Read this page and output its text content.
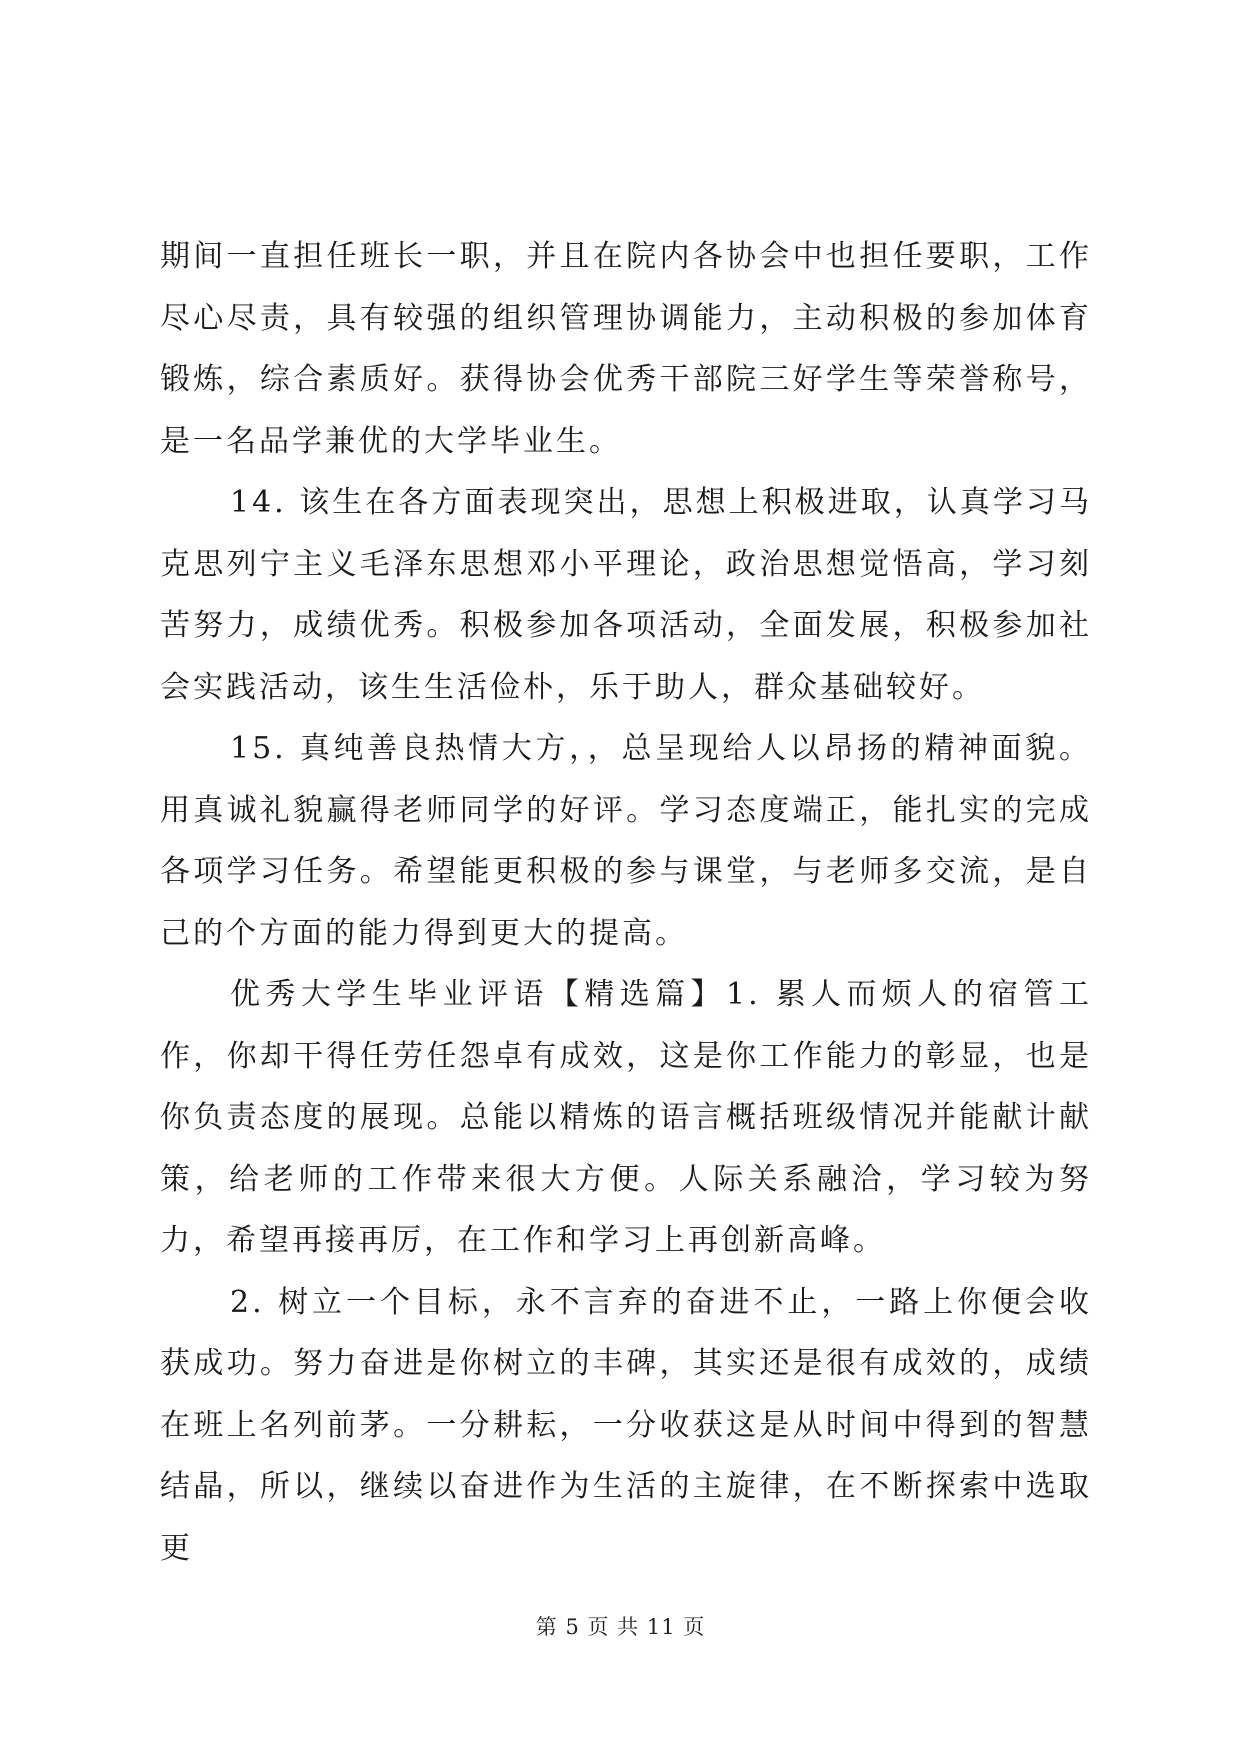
期间一直担任班长一职，并且在院内各协会中也担任要职，工作尽心尽责，具有较强的组织管理协调能力，主动积极的参加体育锻炼，综合素质好。获得协会优秀干部院三好学生等荣誉称号，是一名品学兼优的大学毕业生。

14. 该生在各方面表现突出，思想上积极进取，认真学习马克思列宁主义毛泽东思想邓小平理论，政治思想觉悟高，学习刻苦努力，成绩优秀。积极参加各项活动，全面发展，积极参加社会实践活动，该生生活俭朴，乐于助人，群众基础较好。

15. 真纯善良热情大方，，总呈现给人以昂扬的精神面貌。用真诚礼貌赢得老师同学的好评。学习态度端正，能扎实的完成各项学习任务。希望能更积极的参与课堂，与老师多交流，是自己的个方面的能力得到更大的提高。

优秀大学生毕业评语【精选篇】1. 累人而烦人的宿管工作，你却干得任劳任怨卓有成效，这是你工作能力的彰显，也是你负责态度的展现。总能以精炼的语言概括班级情况并能献计献策，给老师的工作带来很大方便。人际关系融洽，学习较为努力，希望再接再厉，在工作和学习上再创新高峰。

2. 树立一个目标，永不言弃的奋进不止，一路上你便会收获成功。努力奋进是你树立的丰碑，其实还是很有成效的，成绩在班上名列前茅。一分耕耘，一分收获这是从时间中得到的智慧结晶，所以，继续以奋进作为生活的主旋律，在不断探索中选取更

第 5 页 共 11 页
